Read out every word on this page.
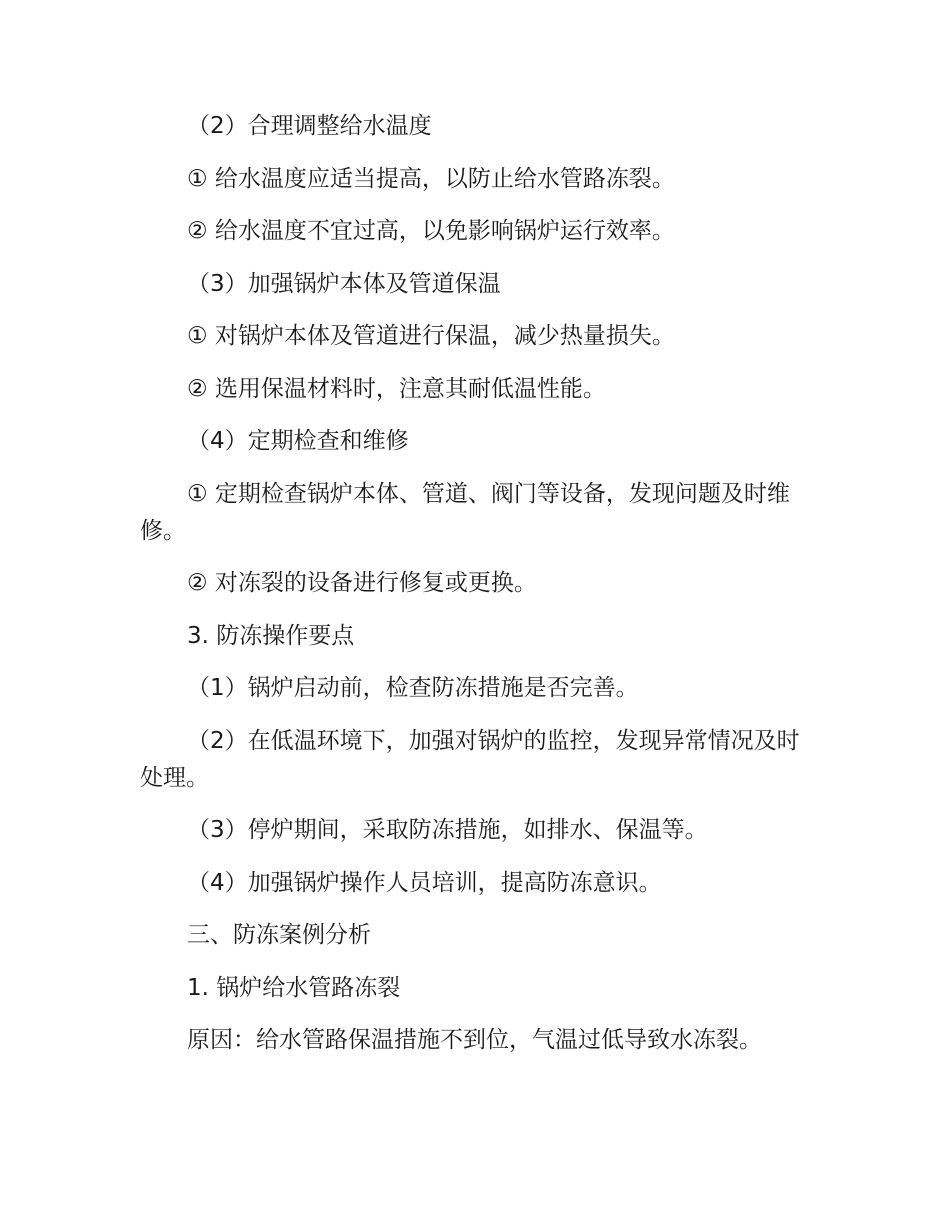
（2）合理调整给水温度

① 给水温度应适当提高，以防止给水管路冻裂。

② 给水温度不宜过高，以免影响锅炉运行效率。

（3）加强锅炉本体及管道保温

① 对锅炉本体及管道进行保温，减少热量损失。

② 选用保温材料时，注意其耐低温性能。

（4）定期检查和维修

① 定期检查锅炉本体、管道、阀门等设备，发现问题及时维修。

② 对冻裂的设备进行修复或更换。

3. 防冻操作要点

（1）锅炉启动前，检查防冻措施是否完善。

（2）在低温环境下，加强对锅炉的监控，发现异常情况及时处理。

（3）停炉期间，采取防冻措施，如排水、保温等。

（4）加强锅炉操作人员培训，提高防冻意识。

三、防冻案例分析

1. 锅炉给水管路冻裂

原因：给水管路保温措施不到位，气温过低导致水冻裂。
